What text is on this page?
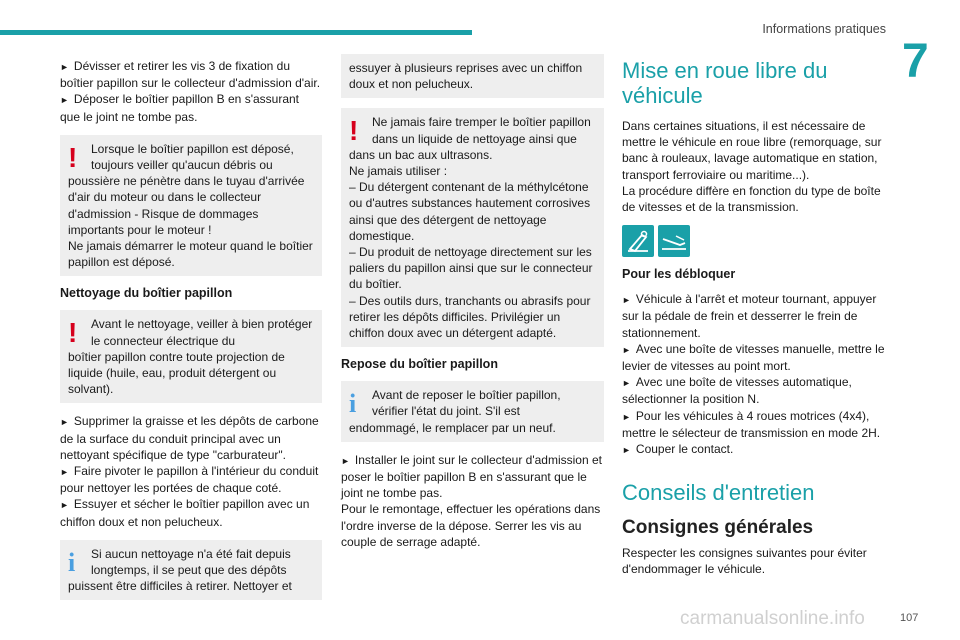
Informations pratiques
7

►  Dévisser et retirer les vis 3 de fixation du boîtier papillon sur le collecteur d'admission d'air.

►  Déposer le boîtier papillon B en s'assurant que le joint ne tombe pas.

!	Lorsque le boîtier papillon est déposé, toujours veiller qu'aucun débris ou

poussière ne pénètre dans le tuyau d'arrivée d'air du moteur ou dans le collecteur d'admission - Risque de dommages importants pour le moteur !

Ne jamais démarrer le moteur quand le boîtier papillon est déposé.

Nettoyage du boîtier papillon
!	Avant le nettoyage, veiller à bien protéger le connecteur électrique du

boîtier papillon contre toute projection de liquide (huile, eau, produit détergent ou solvant).

►  Supprimer la graisse et les dépôts de carbone de la surface du conduit principal avec un nettoyant spécifique de type "carburateur".

►  Faire pivoter le papillon à l'intérieur du conduit pour nettoyer les portées de chaque coté.

►  Essuyer et sécher le boîtier papillon avec un chiffon doux et non pelucheux.

i	Si aucun nettoyage n'a été fait depuis longtemps, il se peut que des dépôts

puissent être difficiles à retirer. Nettoyer et

essuyer à plusieurs reprises avec un chiffon doux et non pelucheux.

!	Ne jamais faire tremper le boîtier papillon dans un liquide de nettoyage ainsi que

dans un bac aux ultrasons.

Ne jamais utiliser :

– Du détergent contenant de la méthylcétone ou d'autres substances hautement corrosives ainsi que des détergent de nettoyage domestique.

– Du produit de nettoyage directement sur les paliers du papillon ainsi que sur le connecteur du boîtier.

– Des outils durs, tranchants ou abrasifs pour retirer les dépôts difficiles. Privilégier un chiffon doux avec un détergent adapté.

Repose du boîtier papillon
i	Avant de reposer le boîtier papillon, vérifier l'état du joint. S'il est

endommagé, le remplacer par un neuf.

►  Installer le joint sur le collecteur d'admission et poser le boîtier papillon B en s'assurant que le joint ne tombe pas.

Pour le remontage, effectuer les opérations dans l'ordre inverse de la dépose. Serrer les vis au couple de serrage adapté.

Mise en roue libre du véhicule

Dans certaines situations, il est nécessaire de mettre le véhicule en roue libre (remorquage, sur banc à rouleaux, lavage automatique en station, transport ferroviaire ou maritime...).

La procédure diffère en fonction du type de boîte de vitesses et de la transmission.

Pour les débloquer

►  Véhicule à l'arrêt et moteur tournant, appuyer sur la pédale de frein et desserrer le frein de stationnement.

►  Avec une boîte de vitesses manuelle, mettre le levier de vitesses au point mort.

►  Avec une boîte de vitesses automatique, sélectionner la position N.

►  Pour les véhicules à 4 roues motrices (4x4), mettre le sélecteur de transmission en mode 2H.

►  Couper le contact.

Conseils d'entretien
Consignes générales

Respecter les consignes suivantes pour éviter d'endommager le véhicule.

carmanualsonline.info	107
